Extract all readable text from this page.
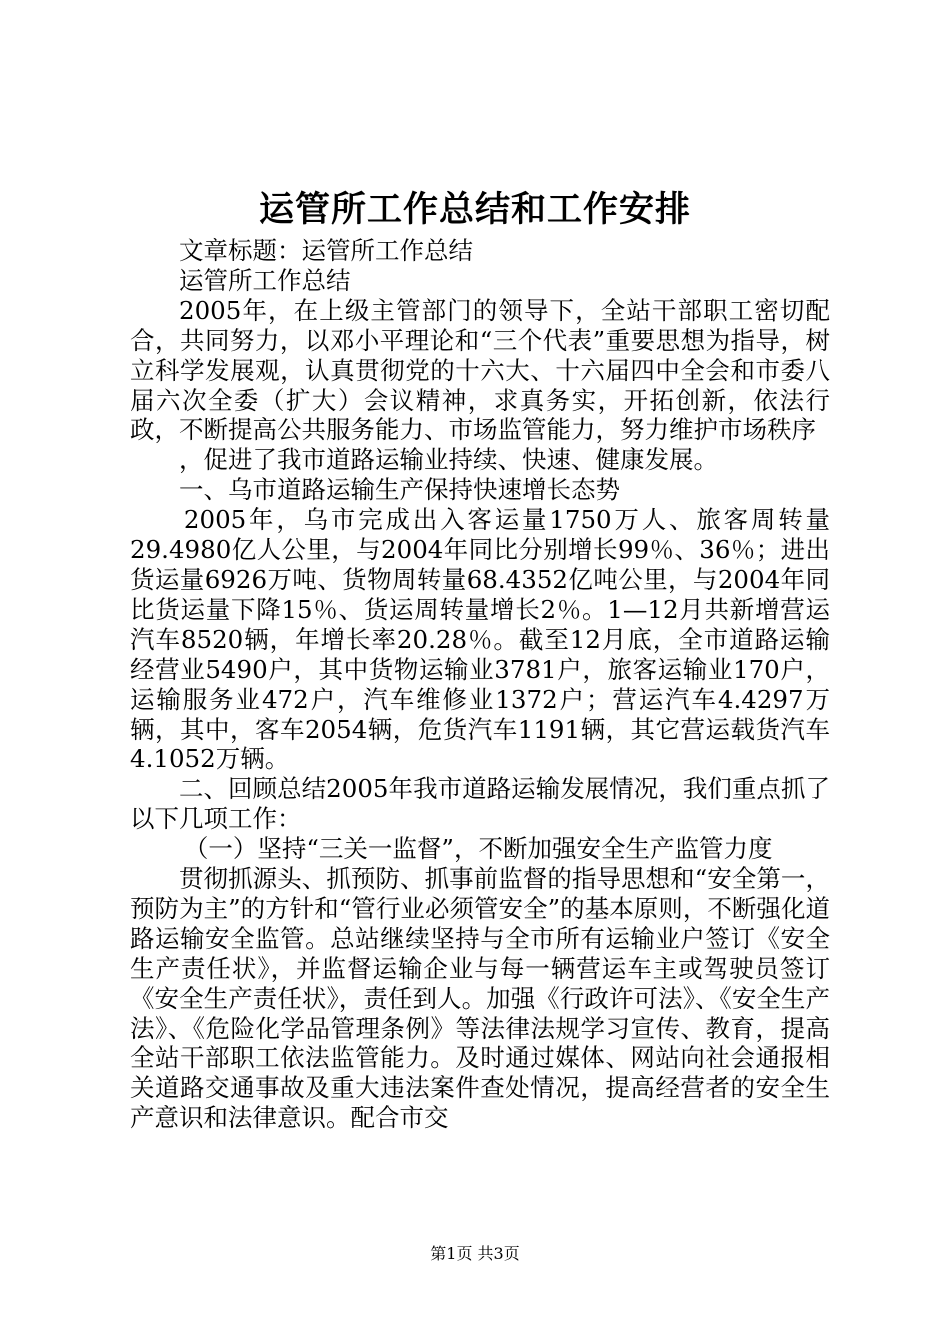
运管所工作总结和工作安排

文章标题：运管所工作总结

运管所工作总结

2005年，在上级主管部门的领导下，全站干部职工密切配合，共同努力，以邓小平理论和“三个代表”重要思想为指导，树立科学发展观，认真贯彻党的十六大、十六届四中全会和市委八届六次全委（扩大）会议精神，求真务实，开拓创新，依法行政，不断提高公共服务能力、市场监管能力，努力维护市场秩序

，促进了我市道路运输业持续、快速、健康发展。

一、乌市道路运输生产保持快速增长态势

2005年，乌市完成出入客运量1750万人、旅客周转量29.4980亿人公里，与2004年同比分别增长99％、36％；进出货运量6926万吨、货物周转量68.4352亿吨公里，与2004年同比货运量下降15％、货运周转量增长2％。1—12月共新增营运汽车8520辆，年增长率20.28％。截至12月底，全市道路运输经营业5490户，其中货物运输业3781户，旅客运输业170户，运输服务业472户，汽车维修业1372户；营运汽车4.4297万辆，其中，客车2054辆，危货汽车1191辆，其它营运载货汽车4.1052万辆。

二、回顾总结2005年我市道路运输发展情况，我们重点抓了以下几项工作：

（一）坚持“三关一监督”，不断加强安全生产监管力度

贯彻抓源头、抓预防、抓事前监督的指导思想和“安全第一，预防为主”的方针和“管行业必须管安全”的基本原则，不断强化道路运输安全监管。总站继续坚持与全市所有运输业户签订《安全生产责任状》，并监督运输企业与每一辆营运车主或驾驶员签订《安全生产责任状》，责任到人。加强《行政许可法》、《安全生产法》、《危险化学品管理条例》等法律法规学习宣传、教育，提高全站干部职工依法监管能力。及时通过媒体、网站向社会通报相关道路交通事故及重大违法案件查处情况，提高经营者的安全生产意识和法律意识。配合市交

第1页 共3页
